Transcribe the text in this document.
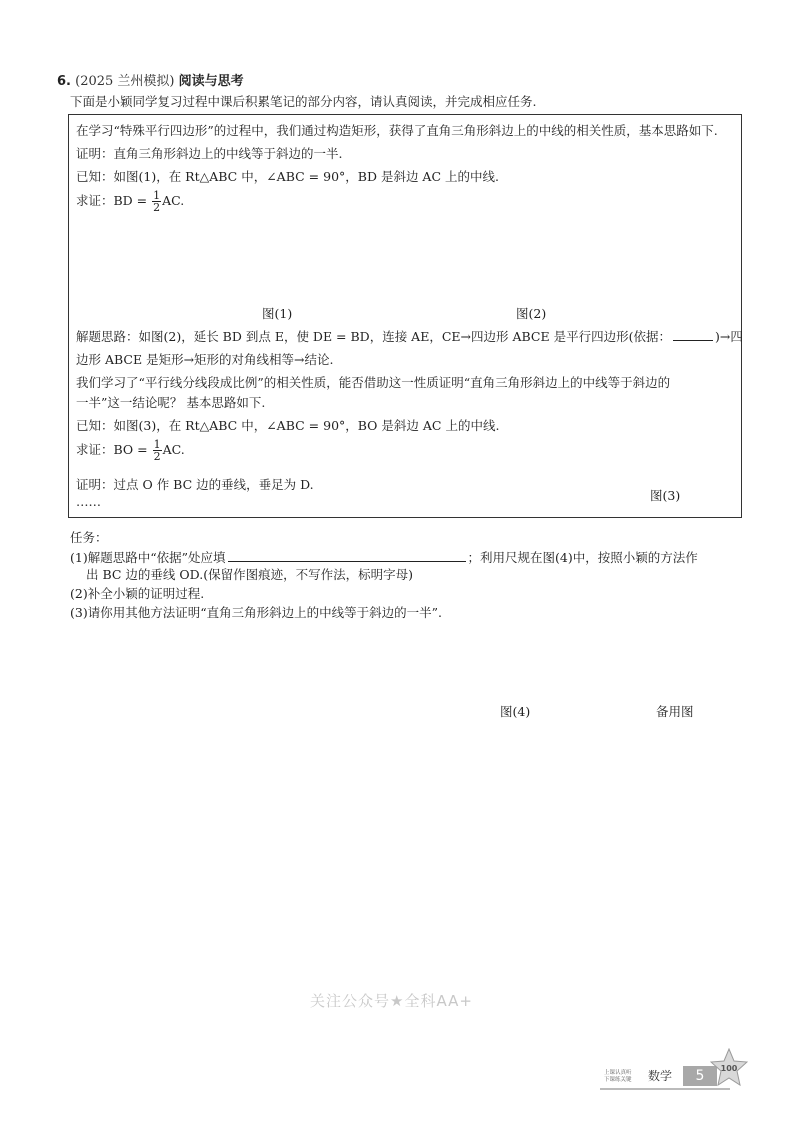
6. (2025 兰州模拟) 阅读与思考
下面是小颖同学复习过程中课后积累笔记的部分内容，请认真阅读，并完成相应任务.
在学习“特殊平行四边形”的过程中，我们通过构造矩形，获得了直角三角形斜边上的中线的相关性质，基本思路如下.
证明：直角三角形斜边上的中线等于斜边的一半.
已知：如图(1)，在 Rt△ABC 中，∠ABC = 90°，BD 是斜边 AC 上的中线.
求证：BD = $\frac{1}{2}$ AC.
图(1)	图(2)
解题思路：如图(2)，延长 BD 到点 E，使 DE = BD，连接 AE，CE→四边形 ABCE 是平行四边形(依据：	)→四
边形 ABCE 是矩形→矩形的对角线相等→结论.
我们学习了“平行线分线段成比例”的相关性质，能否借助这一性质证明“直角三角形斜边上的中线等于斜边的
一半”这一结论呢？ 基本思路如下.
已知：如图(3)，在 Rt△ABC 中，∠ABC = 90°，BO 是斜边 AC 上的中线.
求证：BO = $\frac{1}{2}$ AC.
证明：过点 O 作 BC 边的垂线，垂足为 D.
……	图(3)
任务：
(1)解题思路中“依据”处应填	；利用尺规在图(4)中，按照小颖的方法作
出 BC 边的垂线 OD.(保留作图痕迹，不写作法，标明字母)
(2)补全小颖的证明过程.
(3)请你用其他方法证明“直角三角形斜边上的中线等于斜边的一半”.
图(4)	备用图
关注公众号★全科AA+
上课认真听
下课练关键 数学	5	100
